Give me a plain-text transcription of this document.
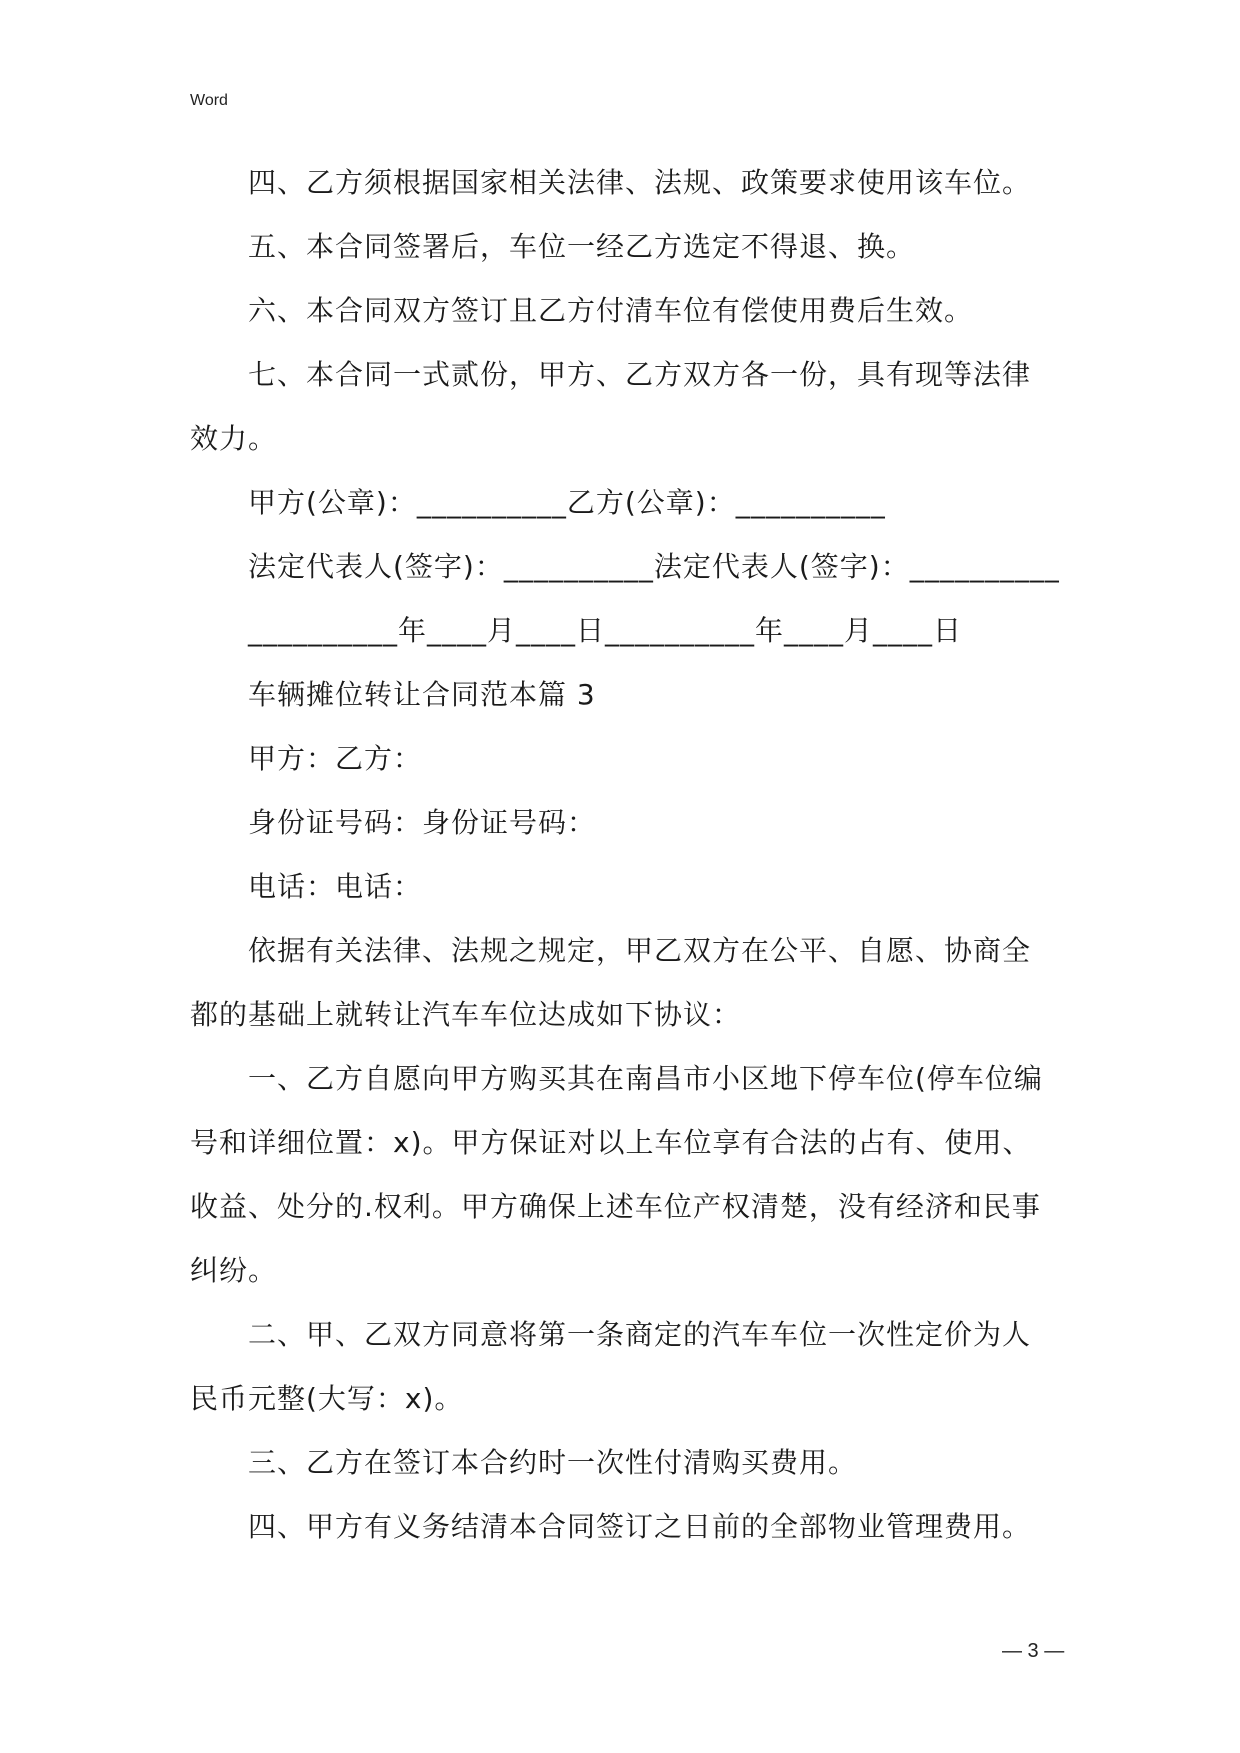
Word
四、乙方须根据国家相关法律、法规、政策要求使用该车位。
五、本合同签署后，车位一经乙方选定不得退、换。
六、本合同双方签订且乙方付清车位有偿使用费后生效。
七、本合同一式贰份，甲方、乙方双方各一份，具有现等法律
效力。
甲方(公章)：__________乙方(公章)：__________
法定代表人(签字)：__________法定代表人(签字)：__________
__________年____月____日__________年____月____日
车辆摊位转让合同范本篇 3
甲方：乙方：
身份证号码：身份证号码：
电话：电话：
依据有关法律、法规之规定，甲乙双方在公平、自愿、协商全
都的基础上就转让汽车车位达成如下协议：
一、乙方自愿向甲方购买其在南昌市小区地下停车位(停车位编
号和详细位置：x)。甲方保证对以上车位享有合法的占有、使用、
收益、处分的.权利。甲方确保上述车位产权清楚，没有经济和民事
纠纷。
二、甲、乙双方同意将第一条商定的汽车车位一次性定价为人
民币元整(大写：x)。
三、乙方在签订本合约时一次性付清购买费用。
四、甲方有义务结清本合同签订之日前的全部物业管理费用。
— 3 —
